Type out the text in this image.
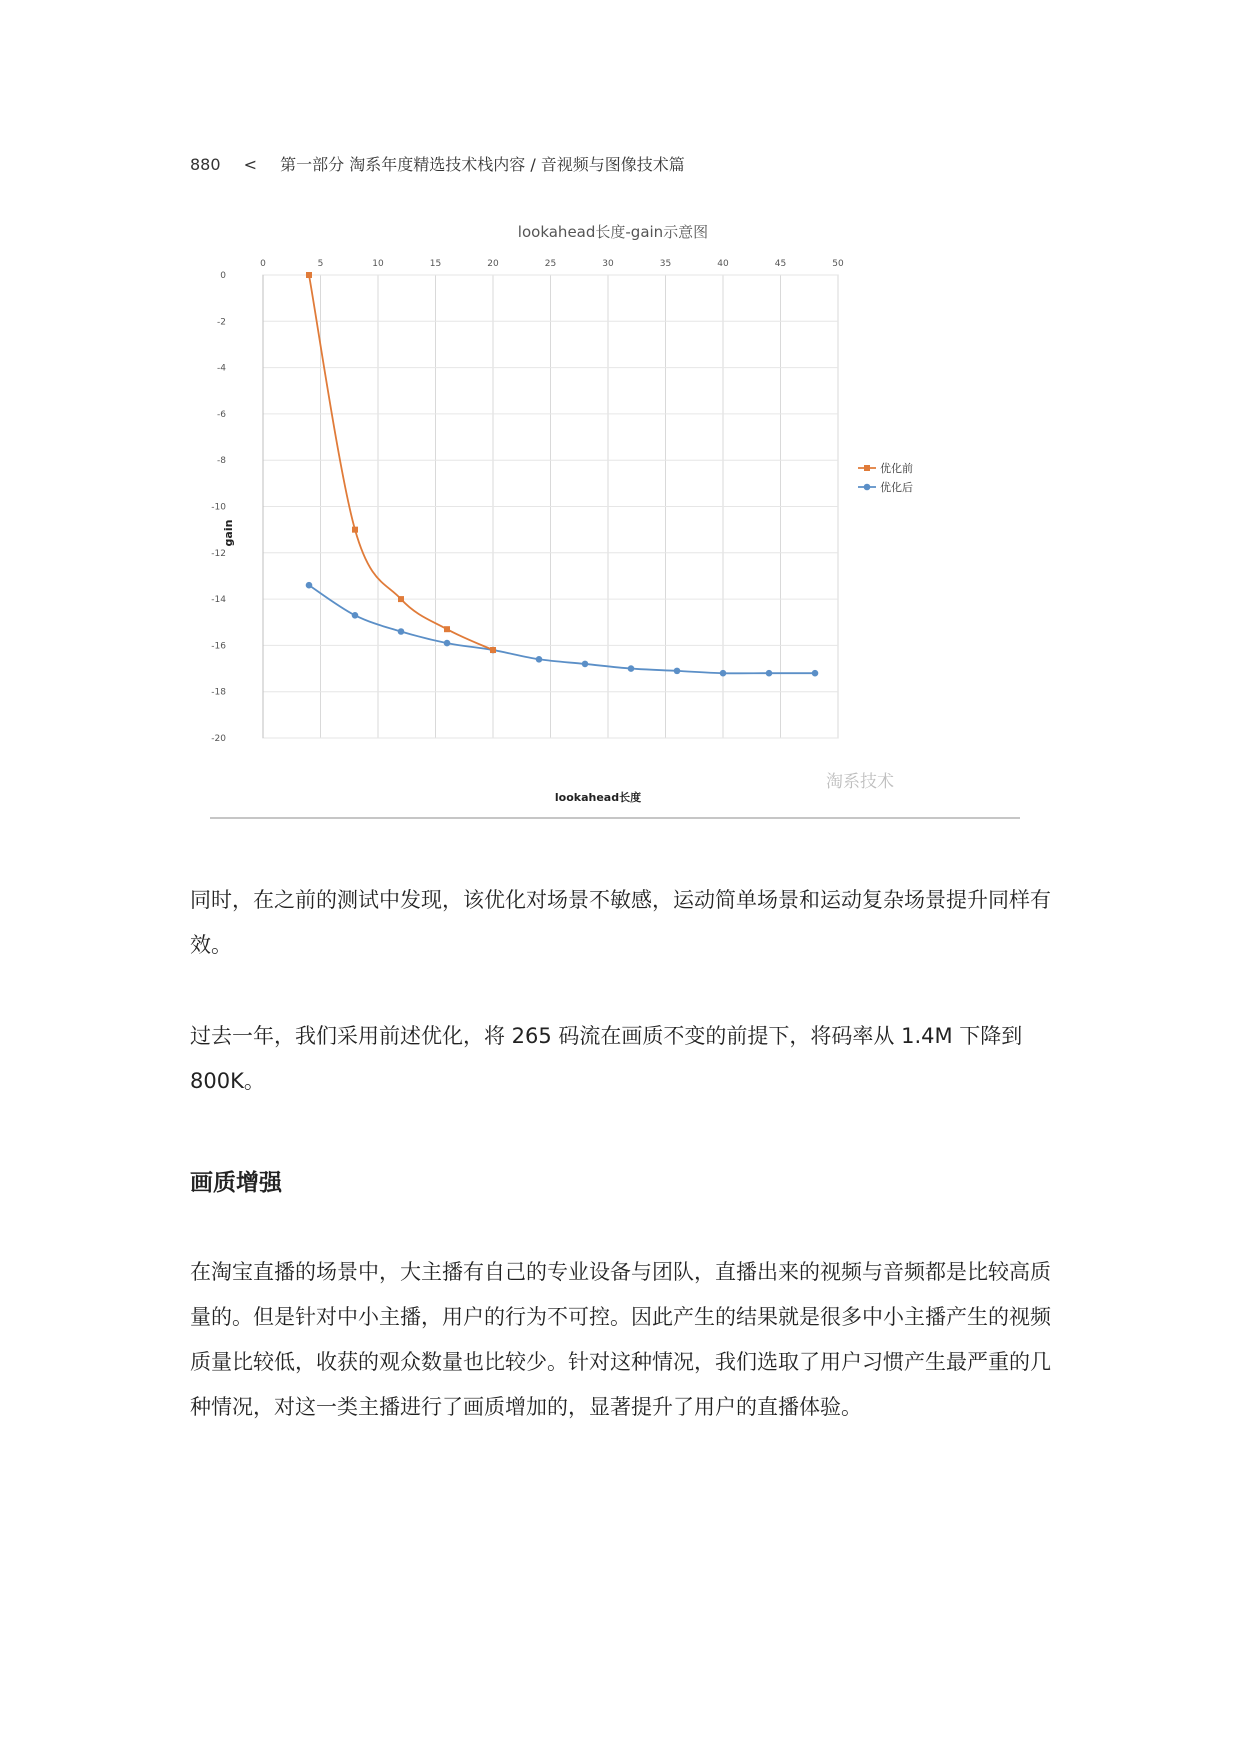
880 < 第一部分 淘系年度精选技术栈内容 / 音视频与图像技术篇
lookahead长度-gain示意图
lookahead长度
gain
淘系技术
0	5	10	15	20	25	30	35	40	45	50
0
-2
-4
-6
-8
-10
-12
-14
-16
-18
-20
优化前
优化后
同时，在之前的测试中发现，该优化对场景不敏感，运动简单场景和运动复杂场景提升同样有效。
过去一年，我们采用前述优化，将 265 码流在画质不变的前提下，将码率从 1.4M 下降到 800K。
画质增强
在淘宝直播的场景中，大主播有自己的专业设备与团队，直播出来的视频与音频都是比较高质量的。但是针对中小主播，用户的行为不可控。因此产生的结果就是很多中小主播产生的视频质量比较低，收获的观众数量也比较少。针对这种情况，我们选取了用户习惯产生最严重的几种情况，对这一类主播进行了画质增加的，显著提升了用户的直播体验。
